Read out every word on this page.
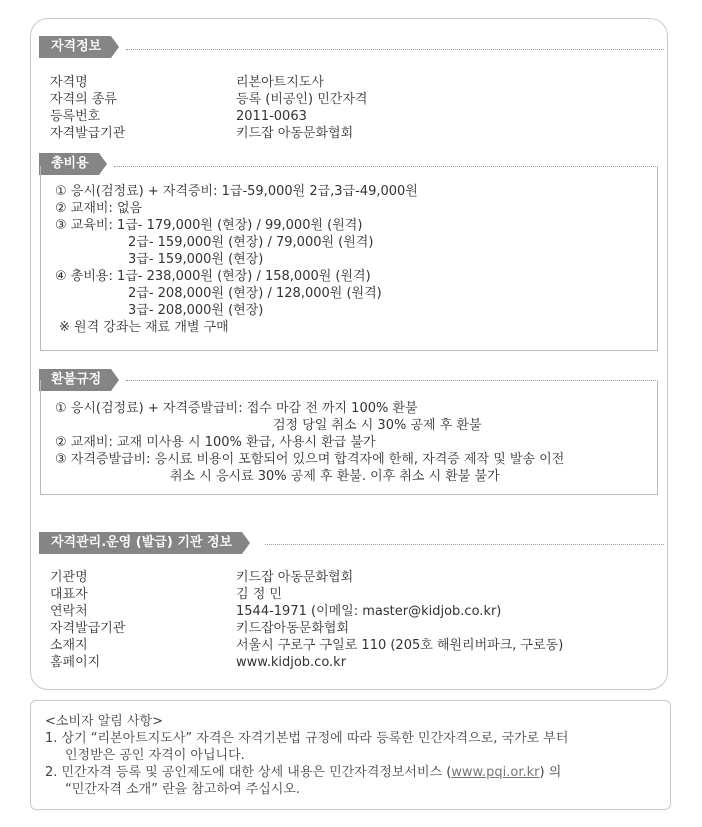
자격정보
자격명	리본아트지도사
자격의 종류	등록 (비공인) 민간자격
등록번호	2011-0063
자격발급기관	키드잡 아동문화협회
총비용
① 응시(검정료) + 자격증비: 1급-59,000원 2급,3급-49,000원
② 교재비: 없음
③ 교육비: 1급- 179,000원 (현장) / 99,000원 (원격)
2급- 159,000원 (현장) / 79,000원 (원격)
3급- 159,000원 (현장)
④ 총비용: 1급- 238,000원 (현장) / 158,000원 (원격)
2급- 208,000원 (현장) / 128,000원 (원격)
3급- 208,000원 (현장)
※ 원격 강좌는 재료 개별 구매
환불규정
① 응시(검정료) + 자격증발급비: 접수 마감 전 까지 100% 환불
검정 당일 취소 시 30% 공제 후 환불
② 교재비: 교재 미사용 시 100% 환급, 사용시 환급 불가
③ 자격증발급비: 응시료 비용이 포함되어 있으며 합격자에 한해, 자격증 제작 및 발송 이전
취소 시 응시료 30% 공제 후 환불. 이후 취소 시 환불 불가
자격관리.운영 (발급) 기관 정보
기관명	키드잡 아동문화협회
대표자	김 정 민
연락처	1544-1971 (이메일: master@kidjob.co.kr)
자격발급기관	키드잡아동문화협회
소재지	서울시 구로구 구일로 110 (205호 해원리버파크, 구로동)
홈페이지	www.kidjob.co.kr
<소비자 알림 사항>
1. 상기 “리본아트지도사” 자격은 자격기본법 규정에 따라 등록한 민간자격으로, 국가로 부터
인정받은 공인 자격이 아닙니다.
2. 민간자격 등록 및 공인제도에 대한 상세 내용은 민간자격정보서비스 (www.pqi.or.kr) 의
“민간자격 소개” 란을 참고하여 주십시오.
